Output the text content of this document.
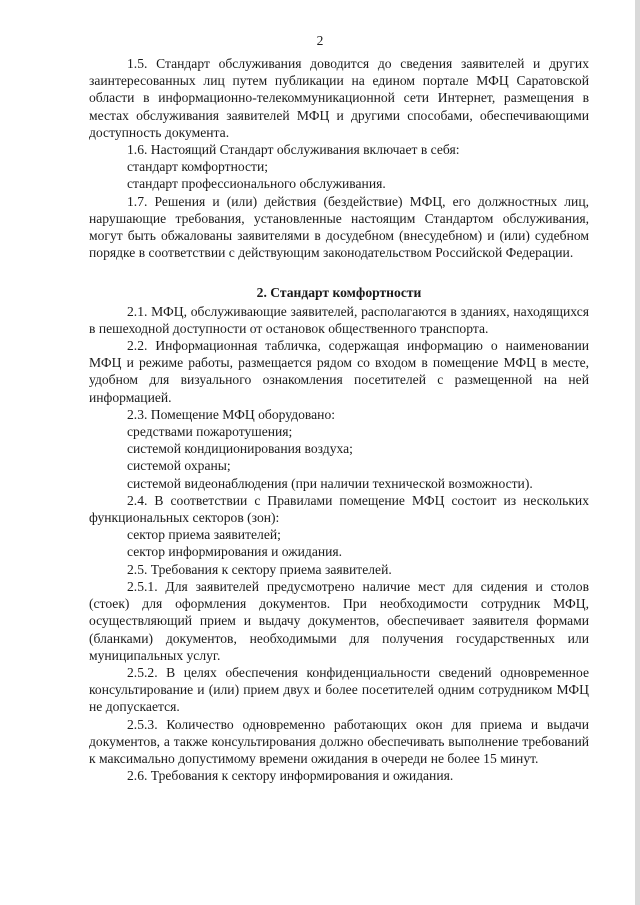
2

1.5. Стандарт обслуживания доводится до сведения заявителей и других заинтересованных лиц путем публикации на едином портале МФЦ Саратовской области в информационно-телекоммуникационной сети Интернет, размещения в местах обслуживания заявителей МФЦ и другими способами, обеспечивающими доступность документа.

1.6. Настоящий Стандарт обслуживания включает в себя:

стандарт комфортности;

стандарт профессионального обслуживания.

1.7. Решения и (или) действия (бездействие) МФЦ, его должностных лиц, нарушающие требования, установленные настоящим Стандартом обслуживания, могут быть обжалованы заявителями в досудебном (внесудебном) и (или) судебном порядке в соответствии с действующим законодательством Российской Федерации.

2. Стандарт комфортности

2.1. МФЦ, обслуживающие заявителей, располагаются в зданиях, находящихся в пешеходной доступности от остановок общественного транспорта.

2.2. Информационная табличка, содержащая информацию о наименовании МФЦ и режиме работы, размещается рядом со входом в помещение МФЦ в месте, удобном для визуального ознакомления посетителей с размещенной на ней информацией.

2.3. Помещение МФЦ оборудовано:

средствами пожаротушения;

системой кондиционирования воздуха;

системой охраны;

системой видеонаблюдения (при наличии технической возможности).

2.4. В соответствии с Правилами помещение МФЦ состоит из нескольких функциональных секторов (зон):

сектор приема заявителей;

сектор информирования и ожидания.

2.5. Требования к сектору приема заявителей.

2.5.1. Для заявителей предусмотрено наличие мест для сидения и столов (стоек) для оформления документов. При необходимости сотрудник МФЦ, осуществляющий прием и выдачу документов, обеспечивает заявителя формами (бланками) документов, необходимыми для получения государственных или муниципальных услуг.

2.5.2. В целях обеспечения конфиденциальности сведений одновременное консультирование и (или) прием двух и более посетителей одним сотрудником МФЦ не допускается.

2.5.3. Количество одновременно работающих окон для приема и выдачи документов, а также консультирования должно обеспечивать выполнение требований к максимально допустимому времени ожидания в очереди не более 15 минут.

2.6. Требования к сектору информирования и ожидания.
